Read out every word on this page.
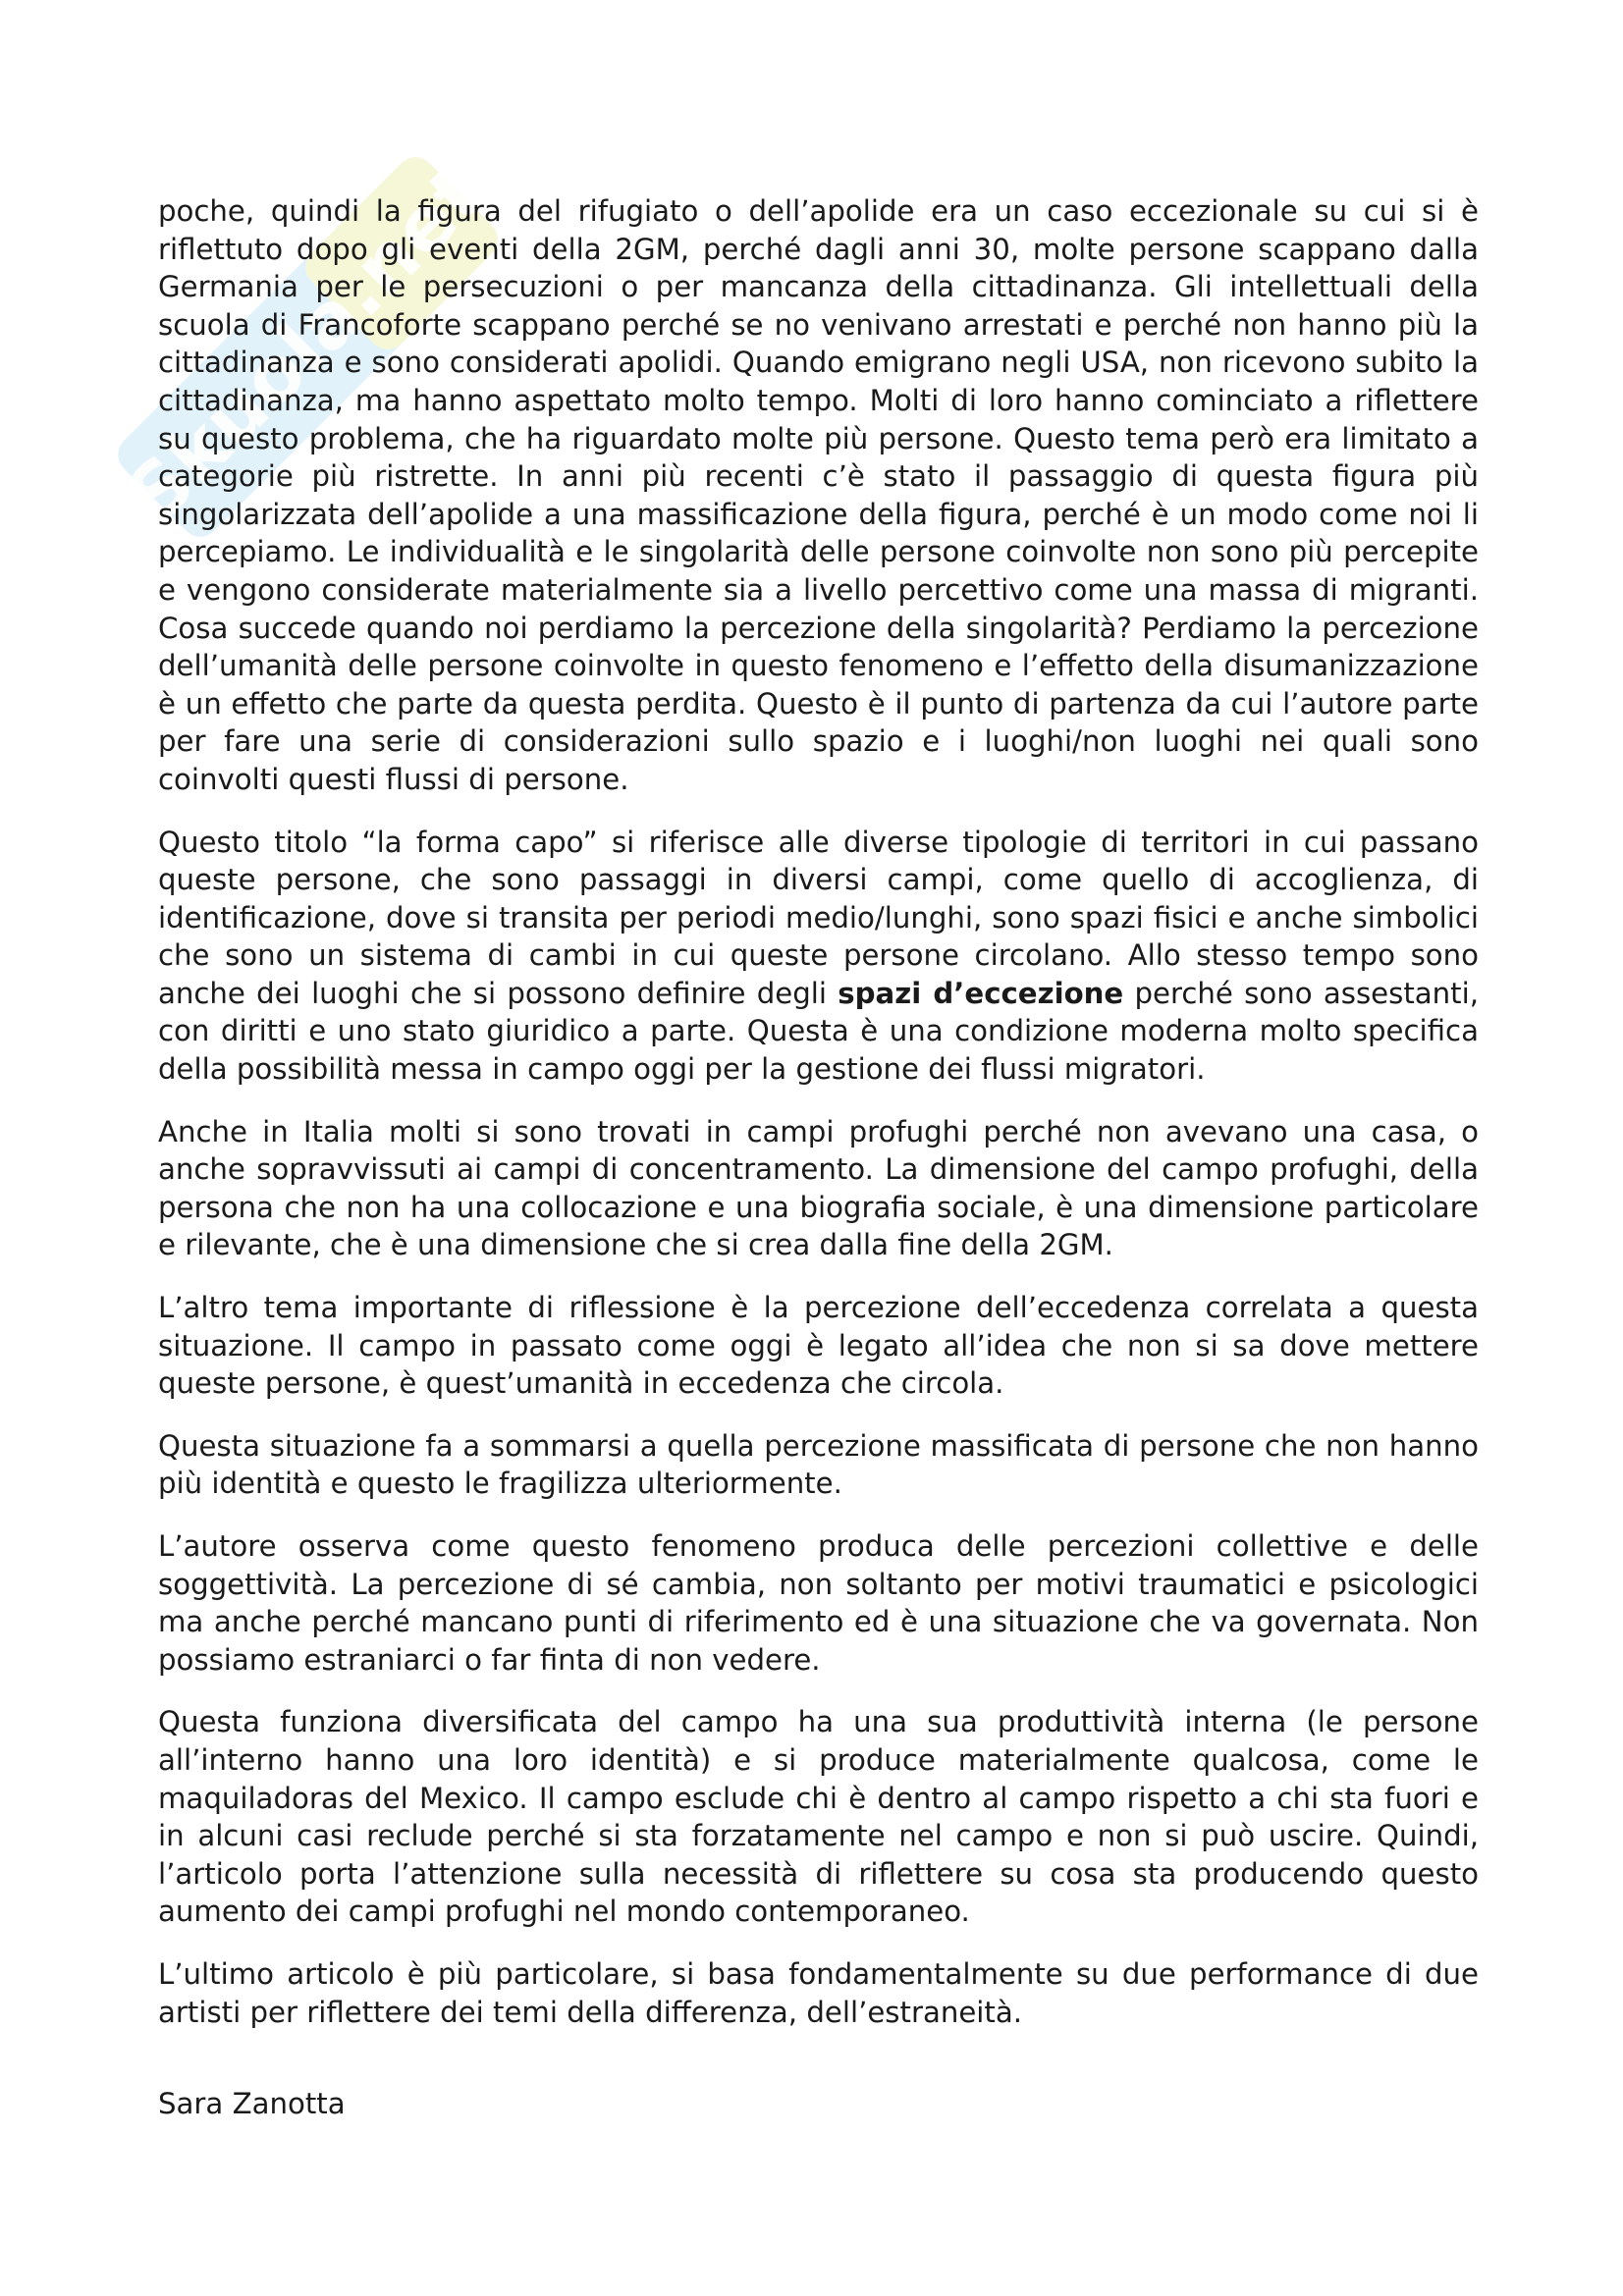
Skuola.net

poche, quindi la figura del rifugiato o dell’apolide era un caso eccezionale su cui si è riflettuto dopo gli eventi della 2GM, perché dagli anni 30, molte persone scappano dalla Germania per le persecuzioni o per mancanza della cittadinanza. Gli intellettuali della scuola di Francoforte scappano perché se no venivano arrestati e perché non hanno più la cittadinanza e sono considerati apolidi. Quando emigrano negli USA, non ricevono subito la cittadinanza, ma hanno aspettato molto tempo. Molti di loro hanno cominciato a riflettere su questo problema, che ha riguardato molte più persone. Questo tema però era limitato a categorie più ristrette. In anni più recenti c’è stato il passaggio di questa figura più singolarizzata dell’apolide a una massificazione della figura, perché è un modo come noi li percepiamo. Le individualità e le singolarità delle persone coinvolte non sono più percepite e vengono considerate materialmente sia a livello percettivo come una massa di migranti. Cosa succede quando noi perdiamo la percezione della singolarità? Perdiamo la percezione dell’umanità delle persone coinvolte in questo fenomeno e l’effetto della disumanizzazione è un effetto che parte da questa perdita. Questo è il punto di partenza da cui l’autore parte per fare una serie di considerazioni sullo spazio e i luoghi/non luoghi nei quali sono coinvolti questi flussi di persone.

Questo titolo “la forma capo” si riferisce alle diverse tipologie di territori in cui passano queste persone, che sono passaggi in diversi campi, come quello di accoglienza, di identificazione, dove si transita per periodi medio/lunghi, sono spazi fisici e anche simbolici che sono un sistema di cambi in cui queste persone circolano. Allo stesso tempo sono anche dei luoghi che si possono definire degli spazi d’eccezione perché sono assestanti, con diritti e uno stato giuridico a parte. Questa è una condizione moderna molto specifica della possibilità messa in campo oggi per la gestione dei flussi migratori.

Anche in Italia molti si sono trovati in campi profughi perché non avevano una casa, o anche sopravvissuti ai campi di concentramento. La dimensione del campo profughi, della persona che non ha una collocazione e una biografia sociale, è una dimensione particolare e rilevante, che è una dimensione che si crea dalla fine della 2GM.

L’altro tema importante di riflessione è la percezione dell’eccedenza correlata a questa situazione. Il campo in passato come oggi è legato all’idea che non si sa dove mettere queste persone, è quest’umanità in eccedenza che circola.

Questa situazione fa a sommarsi a quella percezione massificata di persone che non hanno più identità e questo le fragilizza ulteriormente.

L’autore osserva come questo fenomeno produca delle percezioni collettive e delle soggettività. La percezione di sé cambia, non soltanto per motivi traumatici e psicologici ma anche perché mancano punti di riferimento ed è una situazione che va governata. Non possiamo estraniarci o far finta di non vedere.

Questa funziona diversificata del campo ha una sua produttività interna (le persone all’interno hanno una loro identità) e si produce materialmente qualcosa, come le maquiladoras del Mexico. Il campo esclude chi è dentro al campo rispetto a chi sta fuori e in alcuni casi reclude perché si sta forzatamente nel campo e non si può uscire. Quindi, l’articolo porta l’attenzione sulla necessità di riflettere su cosa sta producendo questo aumento dei campi profughi nel mondo contemporaneo.

L’ultimo articolo è più particolare, si basa fondamentalmente su due performance di due artisti per riflettere dei temi della differenza, dell’estraneità.

Sara Zanotta
